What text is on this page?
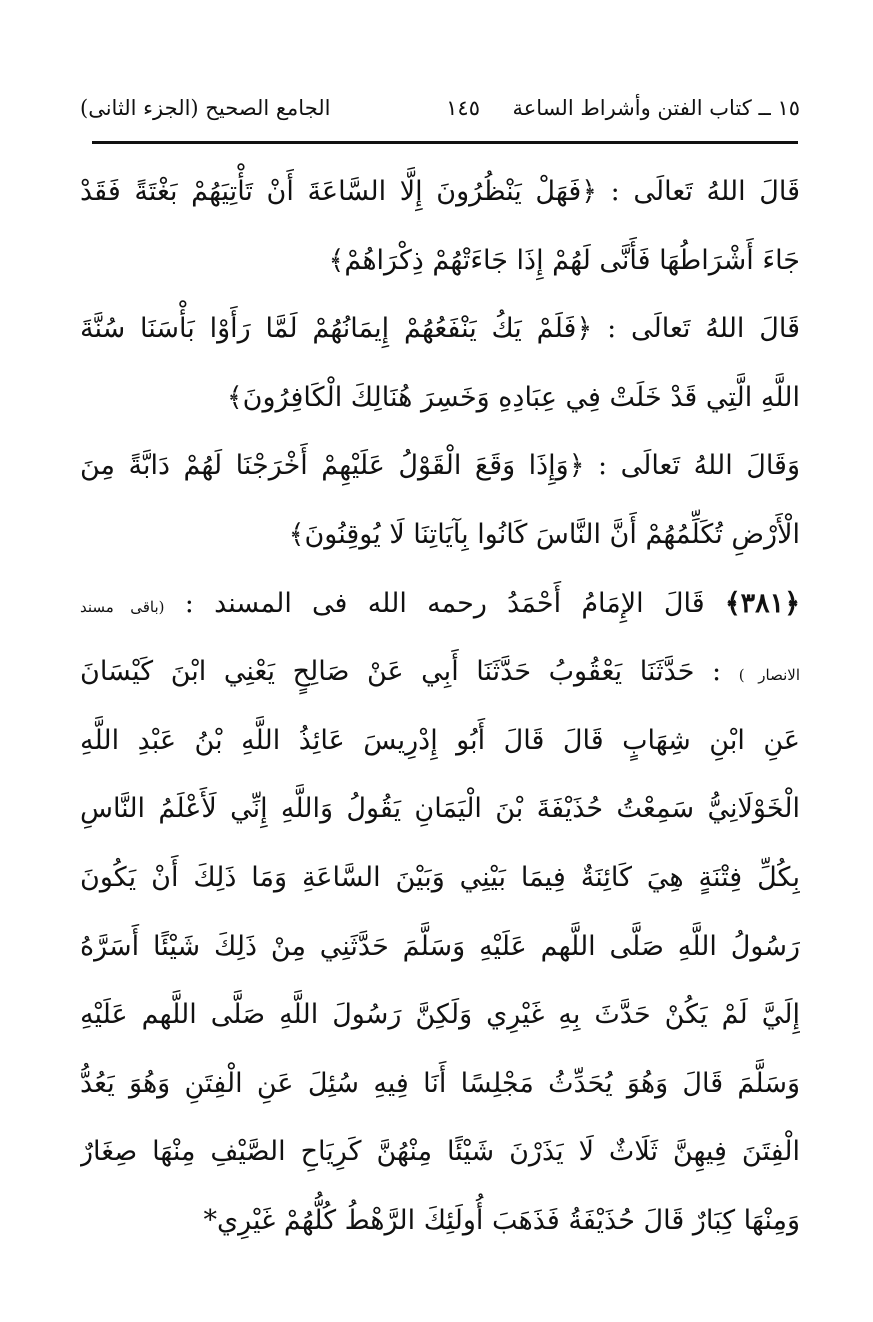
١٥ ــ كتاب الفتن وأشراط الساعة
١٤٥
الجامع الصحيح (الجزء الثانى)
قَالَ اللهُ تَعالَى : ﴿فَهَلْ يَنْظُرُونَ إِلَّا السَّاعَةَ أَنْ تَأْتِيَهُمْ بَغْتَةً فَقَدْ
جَاءَ أَشْرَاطُهَا فَأَنَّى لَهُمْ إِذَا جَاءَتْهُمْ ذِكْرَاهُمْ﴾
قَالَ اللهُ تَعالَى : ﴿فَلَمْ يَكُ يَنْفَعُهُمْ إِيمَانُهُمْ لَمَّا رَأَوْا بَأْسَنَا سُنَّةَ
اللَّهِ الَّتِي قَدْ خَلَتْ فِي عِبَادِهِ وَخَسِرَ هُنَالِكَ الْكَافِرُونَ﴾
وَقَالَ اللهُ تَعالَى : ﴿وَإِذَا وَقَعَ الْقَوْلُ عَلَيْهِمْ أَخْرَجْنَا لَهُمْ دَابَّةً مِنَ
الْأَرْضِ تُكَلِّمُهُمْ أَنَّ النَّاسَ كَانُوا بِآيَاتِنَا لَا يُوقِنُونَ﴾
﴿٣٨١﴾ قَالَ الإِمَامُ أَحْمَدُ رحمه الله فى المسند : (باقى مسند
الانصار ) : حَدَّثَنَا يَعْقُوبُ حَدَّثَنَا أَبِي عَنْ صَالِحٍ يَعْنِي ابْنَ كَيْسَانَ
عَنِ ابْنِ شِهَابٍ قَالَ قَالَ أَبُو إِدْرِيسَ عَائِذُ اللَّهِ بْنُ عَبْدِ اللَّهِ
الْخَوْلَانِيُّ سَمِعْتُ حُذَيْفَةَ بْنَ الْيَمَانِ يَقُولُ وَاللَّهِ إِنِّي لَأَعْلَمُ النَّاسِ
بِكُلِّ فِتْنَةٍ هِيَ كَائِنَةٌ فِيمَا بَيْنِي وَبَيْنَ السَّاعَةِ وَمَا ذَلِكَ أَنْ يَكُونَ
رَسُولُ اللَّهِ صَلَّى اللَّهم عَلَيْهِ وَسَلَّمَ حَدَّثَنِي مِنْ ذَلِكَ شَيْئًا أَسَرَّهُ
إِلَيَّ لَمْ يَكُنْ حَدَّثَ بِهِ غَيْرِي وَلَكِنَّ رَسُولَ اللَّهِ صَلَّى اللَّهم عَلَيْهِ
وَسَلَّمَ قَالَ وَهُوَ يُحَدِّثُ مَجْلِسًا أَنَا فِيهِ سُئِلَ عَنِ الْفِتَنِ وَهُوَ يَعُدُّ
الْفِتَنَ فِيهِنَّ ثَلَاثٌ لَا يَذَرْنَ شَيْئًا مِنْهُنَّ كَرِيَاحِ الصَّيْفِ مِنْهَا صِغَارٌ
وَمِنْهَا كِبَارٌ قَالَ حُذَيْفَةُ فَذَهَبَ أُولَئِكَ الرَّهْطُ كُلُّهُمْ غَيْرِي*
